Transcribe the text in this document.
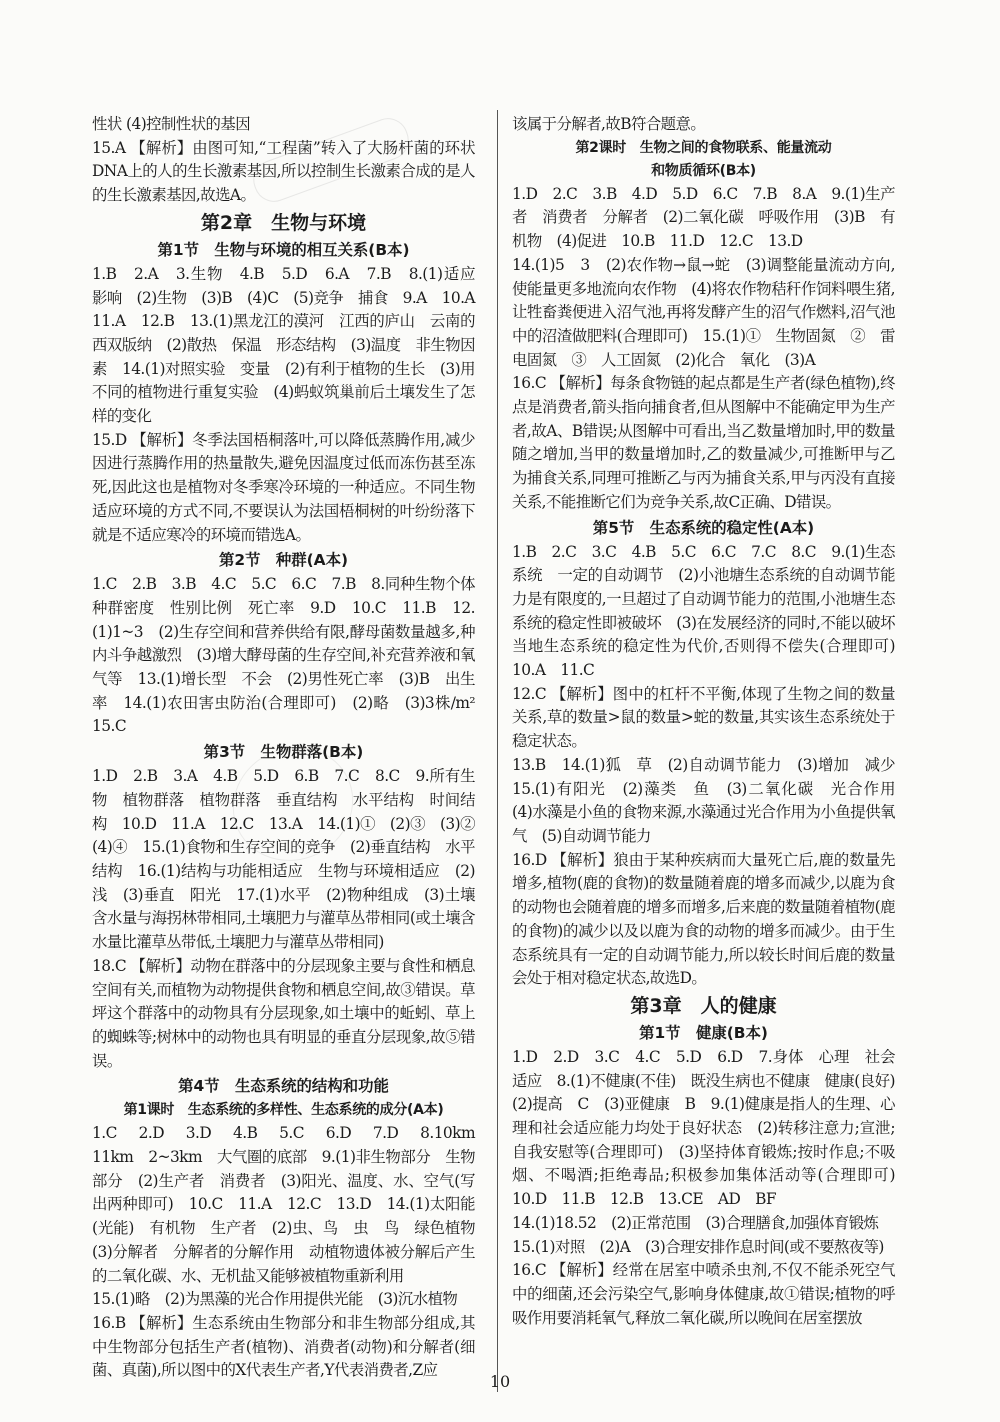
性状 (4)控制性状的基因
15.A 【解析】由图可知,“工程菌”转入了大肠杆菌的环状DNA上的人的生长激素基因,所以控制生长激素合成的是人的生长激素基因,故选A。
第2章　生物与环境
第1节　生物与环境的相互关系(B本)
1.B　2.A　3.生物　4.B　5.D　6.A　7.B　8.(1)适应　影响　(2)生物　(3)B　(4)C　(5)竞争　捕食　9.A　10.A　11.A　12.B　13.(1)黑龙江的漠河　江西的庐山　云南的西双版纳　(2)散热　保温　形态结构　(3)温度　非生物因素　14.(1)对照实验　变量　(2)有利于植物的生长　(3)用不同的植物进行重复实验　(4)蚂蚁筑巢前后土壤发生了怎样的变化
15.D 【解析】冬季法国梧桐落叶,可以降低蒸腾作用,减少因进行蒸腾作用的热量散失,避免因温度过低而冻伤甚至冻死,因此这也是植物对冬季寒冷环境的一种适应。不同生物适应环境的方式不同,不要误认为法国梧桐树的叶纷纷落下就是不适应寒冷的环境而错选A。
第2节　种群(A本)
1.C　2.B　3.B　4.C　5.C　6.C　7.B　8.同种生物个体　种群密度　性别比例　死亡率　9.D　10.C　11.B　12.(1)1~3　(2)生存空间和营养供给有限,酵母菌数量越多,种内斗争越激烈　(3)增大酵母菌的生存空间,补充营养液和氧气等　13.(1)增长型　不会　(2)男性死亡率　(3)B　出生率　14.(1)农田害虫防治(合理即可)　(2)略　(3)3株/m²　15.C
第3节　生物群落(B本)
1.D　2.B　3.A　4.B　5.D　6.B　7.C　8.C　9.所有生物　植物群落　植物群落　垂直结构　水平结构　时间结构　10.D　11.A　12.C　13.A　14.(1)①　(2)③　(3)②　(4)④　15.(1)食物和生存空间的竞争　(2)垂直结构　水平结构　16.(1)结构与功能相适应　生物与环境相适应　(2)浅　(3)垂直　阳光　17.(1)水平　(2)物种组成　(3)土壤含水量与海拐林带相同,土壤肥力与灌草丛带相同(或土壤含水量比灌草丛带低,土壤肥力与灌草丛带相同)
18.C 【解析】动物在群落中的分层现象主要与食性和栖息空间有关,而植物为动物提供食物和栖息空间,故③错误。草坪这个群落中的动物具有分层现象,如土壤中的蚯蚓、草上的蜘蛛等;树林中的动物也具有明显的垂直分层现象,故⑤错误。
第4节　生态系统的结构和功能
第1课时　生态系统的多样性、生态系统的成分(A本)
1.C　2.D　3.D　4.B　5.C　6.D　7.D　8.10km　11km　2~3km　大气圈的底部　9.(1)非生物部分　生物部分　(2)生产者　消费者　(3)阳光、温度、水、空气(写出两种即可)　10.C　11.A　12.C　13.D　14.(1)太阳能(光能)　有机物　生产者　(2)虫、鸟　虫　鸟　绿色植物　(3)分解者　分解者的分解作用　动植物遗体被分解后产生的二氧化碳、水、无机盐又能够被植物重新利用
15.(1)略　(2)为黑藻的光合作用提供光能　(3)沉水植物
16.B 【解析】生态系统由生物部分和非生物部分组成,其中生物部分包括生产者(植物)、消费者(动物)和分解者(细菌、真菌),所以图中的X代表生产者,Y代表消费者,Z应
该属于分解者,故B符合题意。
第2课时　生物之间的食物联系、能量流动
和物质循环(B本)
1.D　2.C　3.B　4.D　5.D　6.C　7.B　8.A　9.(1)生产者　消费者　分解者　(2)二氧化碳　呼吸作用　(3)B　有机物　(4)促进　10.B　11.D　12.C　13.D
14.(1)5　3　(2)农作物→鼠→蛇　(3)调整能量流动方向,使能量更多地流向农作物　(4)将农作物秸秆作饲料喂生猪,让牲畜粪便进入沼气池,再将发酵产生的沼气作燃料,沼气池中的沼渣做肥料(合理即可)　15.(1)①　生物固氮　②　雷电固氮　③　人工固氮　(2)化合　氧化　(3)A
16.C 【解析】每条食物链的起点都是生产者(绿色植物),终点是消费者,箭头指向捕食者,但从图解中不能确定甲为生产者,故A、B错误;从图解中可看出,当乙数量增加时,甲的数量随之增加,当甲的数量增加时,乙的数量减少,可推断甲与乙为捕食关系,同理可推断乙与丙为捕食关系,甲与丙没有直接关系,不能推断它们为竞争关系,故C正确、D错误。
第5节　生态系统的稳定性(A本)
1.B　2.C　3.C　4.B　5.C　6.C　7.C　8.C　9.(1)生态系统　一定的自动调节　(2)小池塘生态系统的自动调节能力是有限度的,一旦超过了自动调节能力的范围,小池塘生态系统的稳定性即被破坏　(3)在发展经济的同时,不能以破坏当地生态系统的稳定性为代价,否则得不偿失(合理即可)　10.A　11.C
12.C 【解析】图中的杠杆不平衡,体现了生物之间的数量关系,草的数量>鼠的数量>蛇的数量,其实该生态系统处于稳定状态。
13.B　14.(1)狐　草　(2)自动调节能力　(3)增加　减少　15.(1)有阳光　(2)藻类　鱼　(3)二氧化碳　光合作用　(4)水藻是小鱼的食物来源,水藻通过光合作用为小鱼提供氧气　(5)自动调节能力
16.D 【解析】狼由于某种疾病而大量死亡后,鹿的数量先增多,植物(鹿的食物)的数量随着鹿的增多而减少,以鹿为食的动物也会随着鹿的增多而增多,后来鹿的数量随着植物(鹿的食物)的减少以及以鹿为食的动物的增多而减少。由于生态系统具有一定的自动调节能力,所以较长时间后鹿的数量会处于相对稳定状态,故选D。
第3章　人的健康
第1节　健康(B本)
1.D　2.D　3.C　4.C　5.D　6.D　7.身体　心理　社会适应　8.(1)不健康(不佳)　既没生病也不健康　健康(良好)　(2)提高　C　(3)亚健康　B　9.(1)健康是指人的生理、心理和社会适应能力均处于良好状态　(2)转移注意力;宣泄;自我安慰等(合理即可)　(3)坚持体育锻炼;按时作息;不吸烟、不喝酒;拒绝毒品;积极参加集体活动等(合理即可)　10.D　11.B　12.B　13.CE　AD　BF
14.(1)18.52　(2)正常范围　(3)合理膳食,加强体育锻炼
15.(1)对照　(2)A　(3)合理安排作息时间(或不要熬夜等)
16.C 【解析】经常在居室中喷杀虫剂,不仅不能杀死空气中的细菌,还会污染空气,影响身体健康,故①错误;植物的呼吸作用要消耗氧气,释放二氧化碳,所以晚间在居室摆放
10
